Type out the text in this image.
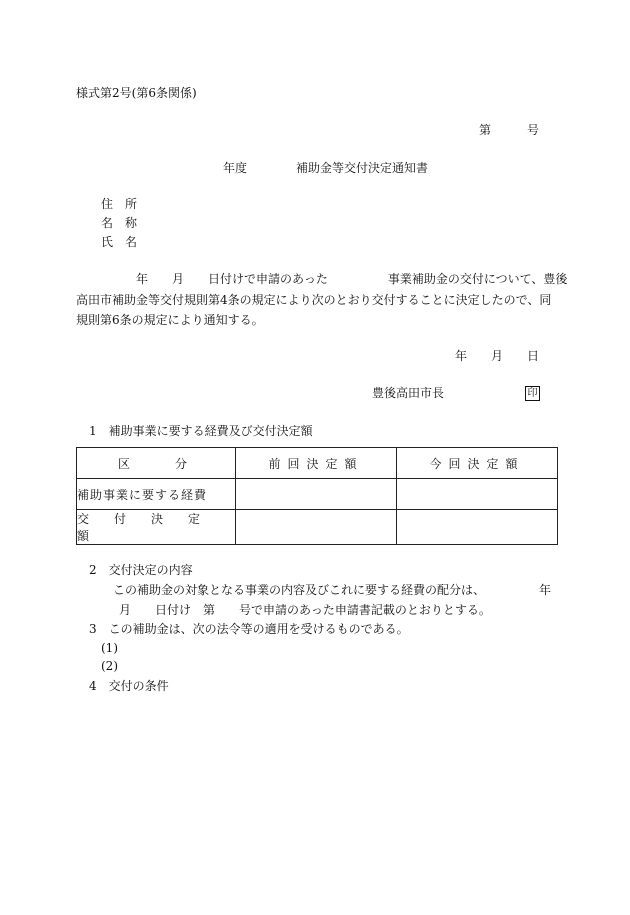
様式第2号(第6条関係)
第	号
年度	補助金等交付決定通知書
住　所
名　称
氏　名
年　　月　　日付けで申請のあった　　　　　事業補助金の交付について、豊後
高田市補助金等交付規則第4条の規定により次のとおり交付することに決定したので、同
規則第6条の規定により通知する。
年　　月　　日
豊後高田市長	印
1　補助事業に要する経費及び交付決定額
区　　分	前回決定額	今回決定額
補助事業に要する経費		
交付決定額		
2　交付決定の内容
この補助金の対象となる事業の内容及びこれに要する経費の配分は、	年
月　　日付け　第　　号で申請のあった申請書記載のとおりとする。
3　この補助金は、次の法令等の適用を受けるものである。
(1)
(2)
4　交付の条件
